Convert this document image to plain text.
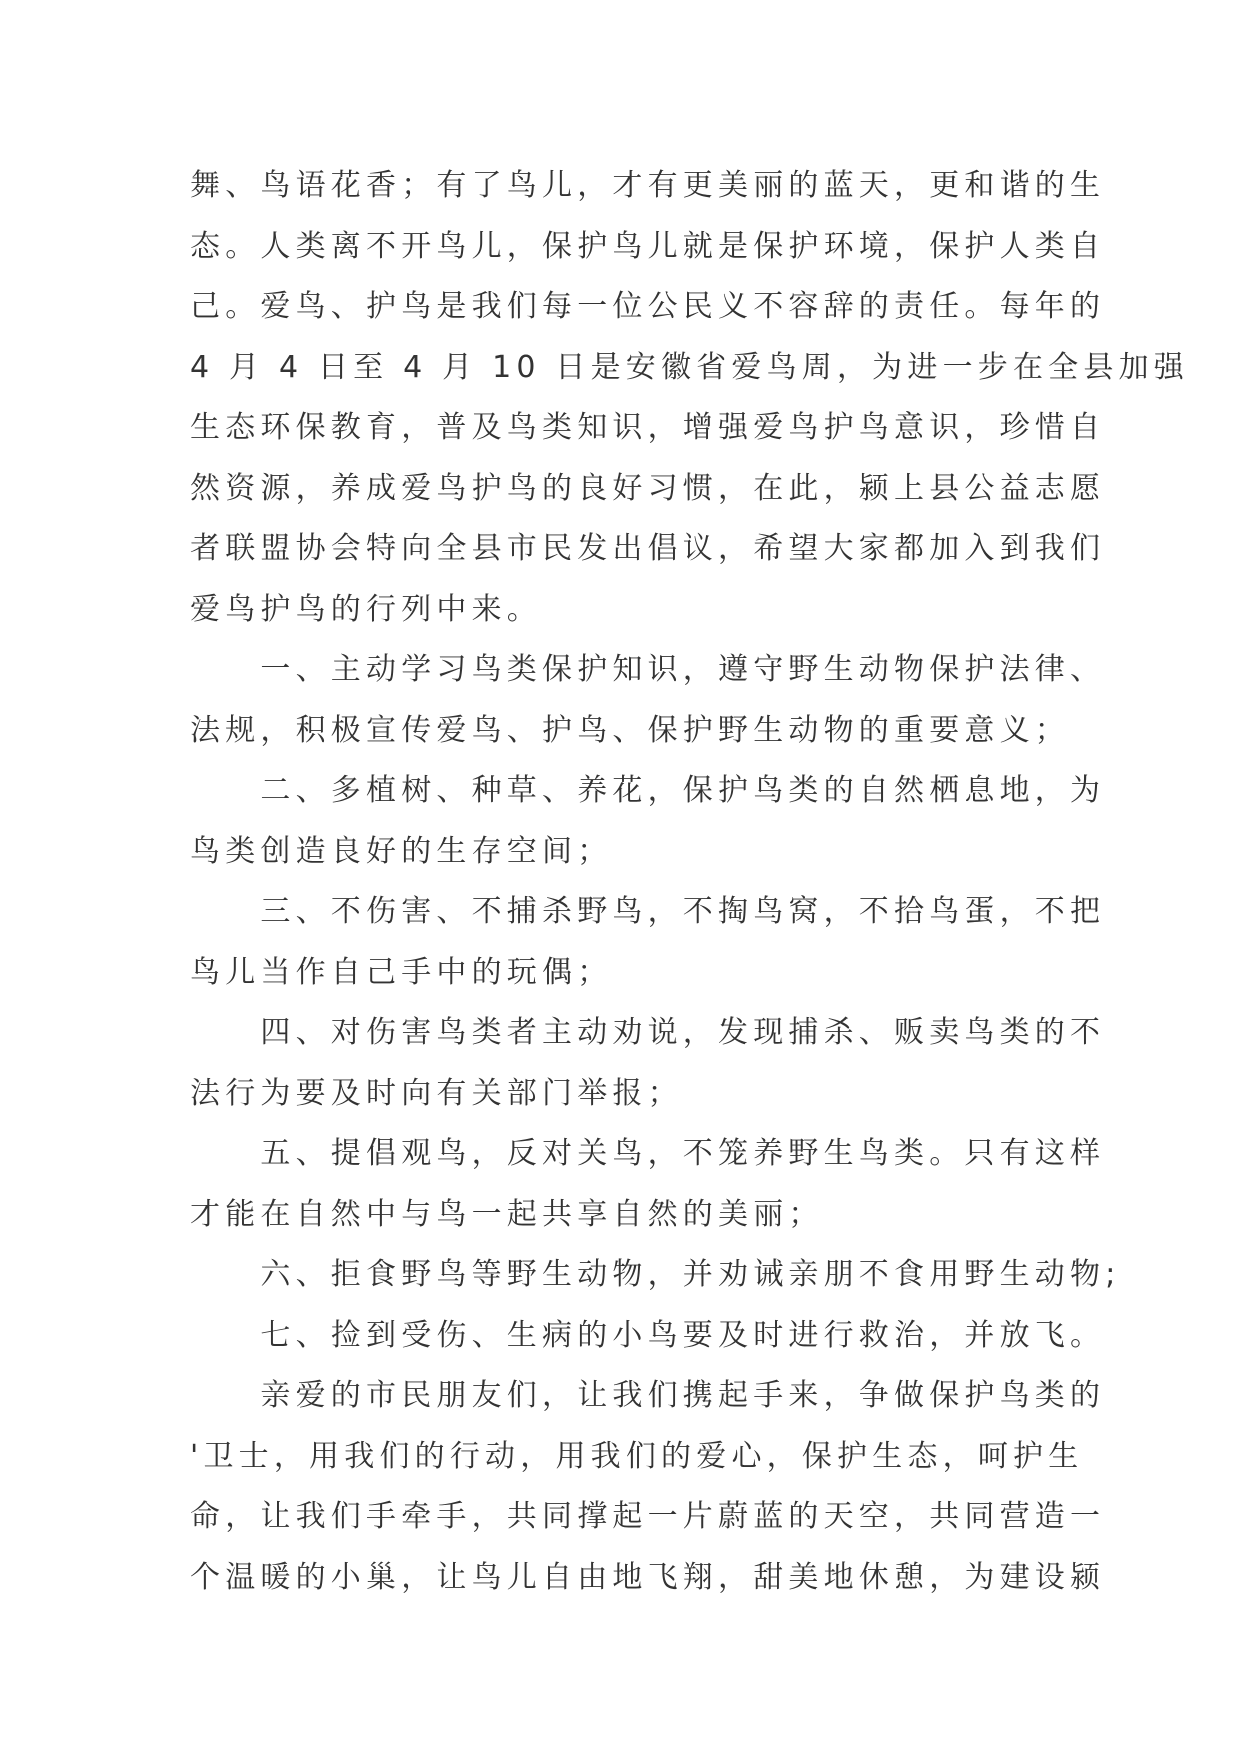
舞、鸟语花香；有了鸟儿，才有更美丽的蓝天，更和谐的生
态。人类离不开鸟儿，保护鸟儿就是保护环境，保护人类自
己。爱鸟、护鸟是我们每一位公民义不容辞的责任。每年的
4 月 4 日至 4 月 10 日是安徽省爱鸟周，为进一步在全县加强
生态环保教育，普及鸟类知识，增强爱鸟护鸟意识，珍惜自
然资源，养成爱鸟护鸟的良好习惯，在此，颍上县公益志愿
者联盟协会特向全县市民发出倡议，希望大家都加入到我们
爱鸟护鸟的行列中来。
　　一、主动学习鸟类保护知识，遵守野生动物保护法律、
法规，积极宣传爱鸟、护鸟、保护野生动物的重要意义；
　　二、多植树、种草、养花，保护鸟类的自然栖息地，为
鸟类创造良好的生存空间；
　　三、不伤害、不捕杀野鸟，不掏鸟窝，不拾鸟蛋，不把
鸟儿当作自己手中的玩偶；
　　四、对伤害鸟类者主动劝说，发现捕杀、贩卖鸟类的不
法行为要及时向有关部门举报；
　　五、提倡观鸟，反对关鸟，不笼养野生鸟类。只有这样
才能在自然中与鸟一起共享自然的美丽；
　　六、拒食野鸟等野生动物，并劝诫亲朋不食用野生动物;
　　七、捡到受伤、生病的小鸟要及时进行救治，并放飞。
　　亲爱的市民朋友们，让我们携起手来，争做保护鸟类的
'卫士，用我们的行动，用我们的爱心，保护生态，呵护生
命，让我们手牵手，共同撑起一片蔚蓝的天空，共同营造一
个温暖的小巢，让鸟儿自由地飞翔，甜美地休憩，为建设颍
